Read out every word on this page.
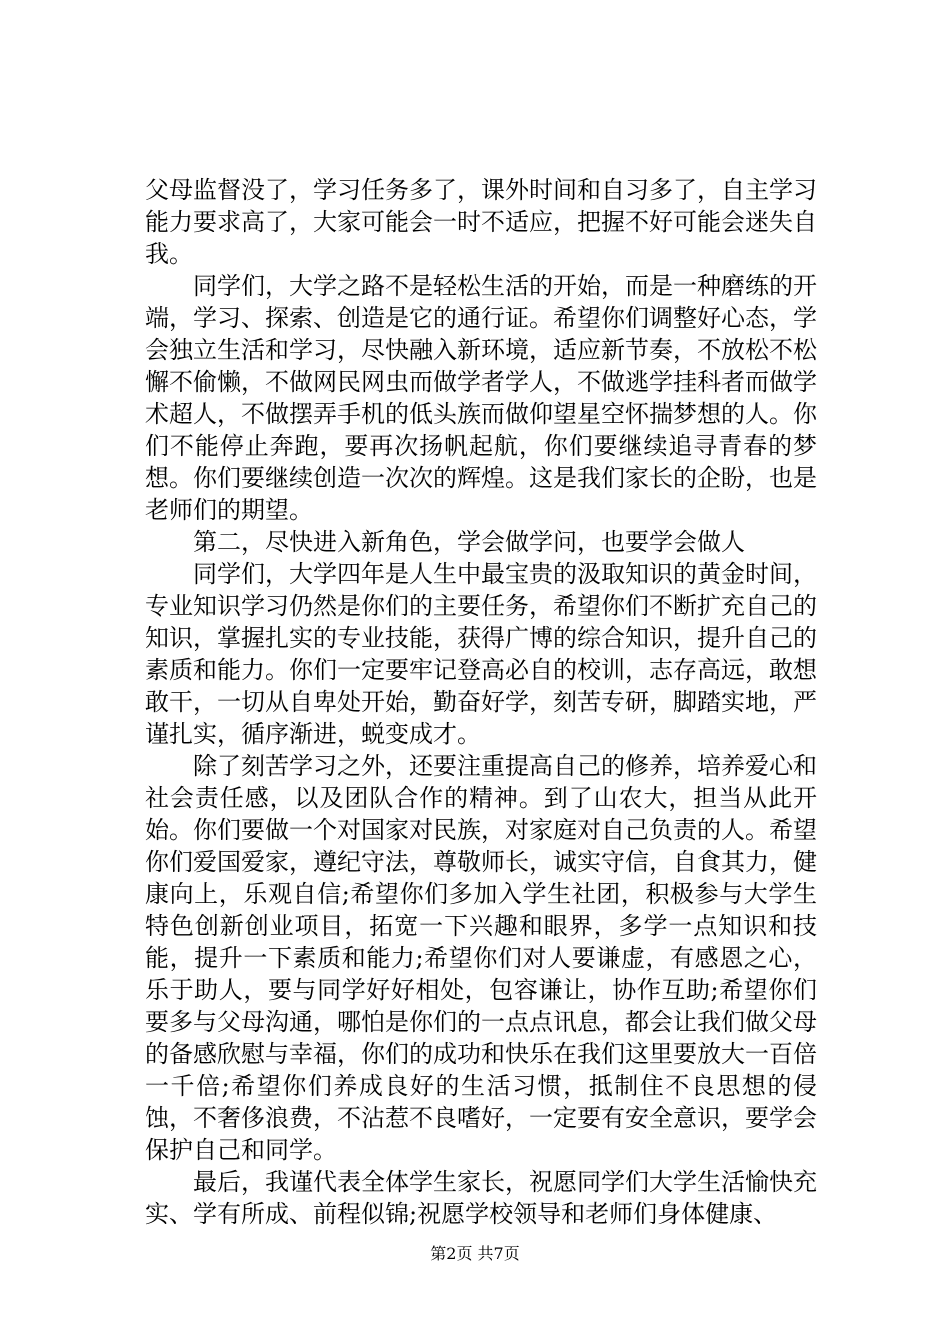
父母监督没了，学习任务多了，课外时间和自习多了，自主学习能力要求高了，大家可能会一时不适应，把握不好可能会迷失自我。

同学们，大学之路不是轻松生活的开始，而是一种磨练的开端，学习、探索、创造是它的通行证。希望你们调整好心态，学会独立生活和学习，尽快融入新环境，适应新节奏，不放松不松懈不偷懒，不做网民网虫而做学者学人，不做逃学挂科者而做学术超人，不做摆弄手机的低头族而做仰望星空怀揣梦想的人。你们不能停止奔跑，要再次扬帆起航，你们要继续追寻青春的梦想。你们要继续创造一次次的辉煌。这是我们家长的企盼，也是老师们的期望。

第二，尽快进入新角色，学会做学问，也要学会做人

同学们，大学四年是人生中最宝贵的汲取知识的黄金时间，专业知识学习仍然是你们的主要任务，希望你们不断扩充自己的知识，掌握扎实的专业技能，获得广博的综合知识，提升自己的素质和能力。你们一定要牢记登高必自的校训，志存高远，敢想敢干，一切从自卑处开始，勤奋好学，刻苦专研，脚踏实地，严谨扎实，循序渐进，蜕变成才。

除了刻苦学习之外，还要注重提高自己的修养，培养爱心和社会责任感，以及团队合作的精神。到了山农大，担当从此开始。你们要做一个对国家对民族，对家庭对自己负责的人。希望你们爱国爱家，遵纪守法，尊敬师长，诚实守信，自食其力，健康向上，乐观自信;希望你们多加入学生社团，积极参与大学生特色创新创业项目，拓宽一下兴趣和眼界，多学一点知识和技能，提升一下素质和能力;希望你们对人要谦虚，有感恩之心，乐于助人，要与同学好好相处，包容谦让，协作互助;希望你们要多与父母沟通，哪怕是你们的一点点讯息，都会让我们做父母的备感欣慰与幸福，你们的成功和快乐在我们这里要放大一百倍一千倍;希望你们养成良好的生活习惯，抵制住不良思想的侵蚀，不奢侈浪费，不沾惹不良嗜好，一定要有安全意识，要学会保护自己和同学。

最后，我谨代表全体学生家长，祝愿同学们大学生活愉快充实、学有所成、前程似锦;祝愿学校领导和老师们身体健康、

第2页 共7页
